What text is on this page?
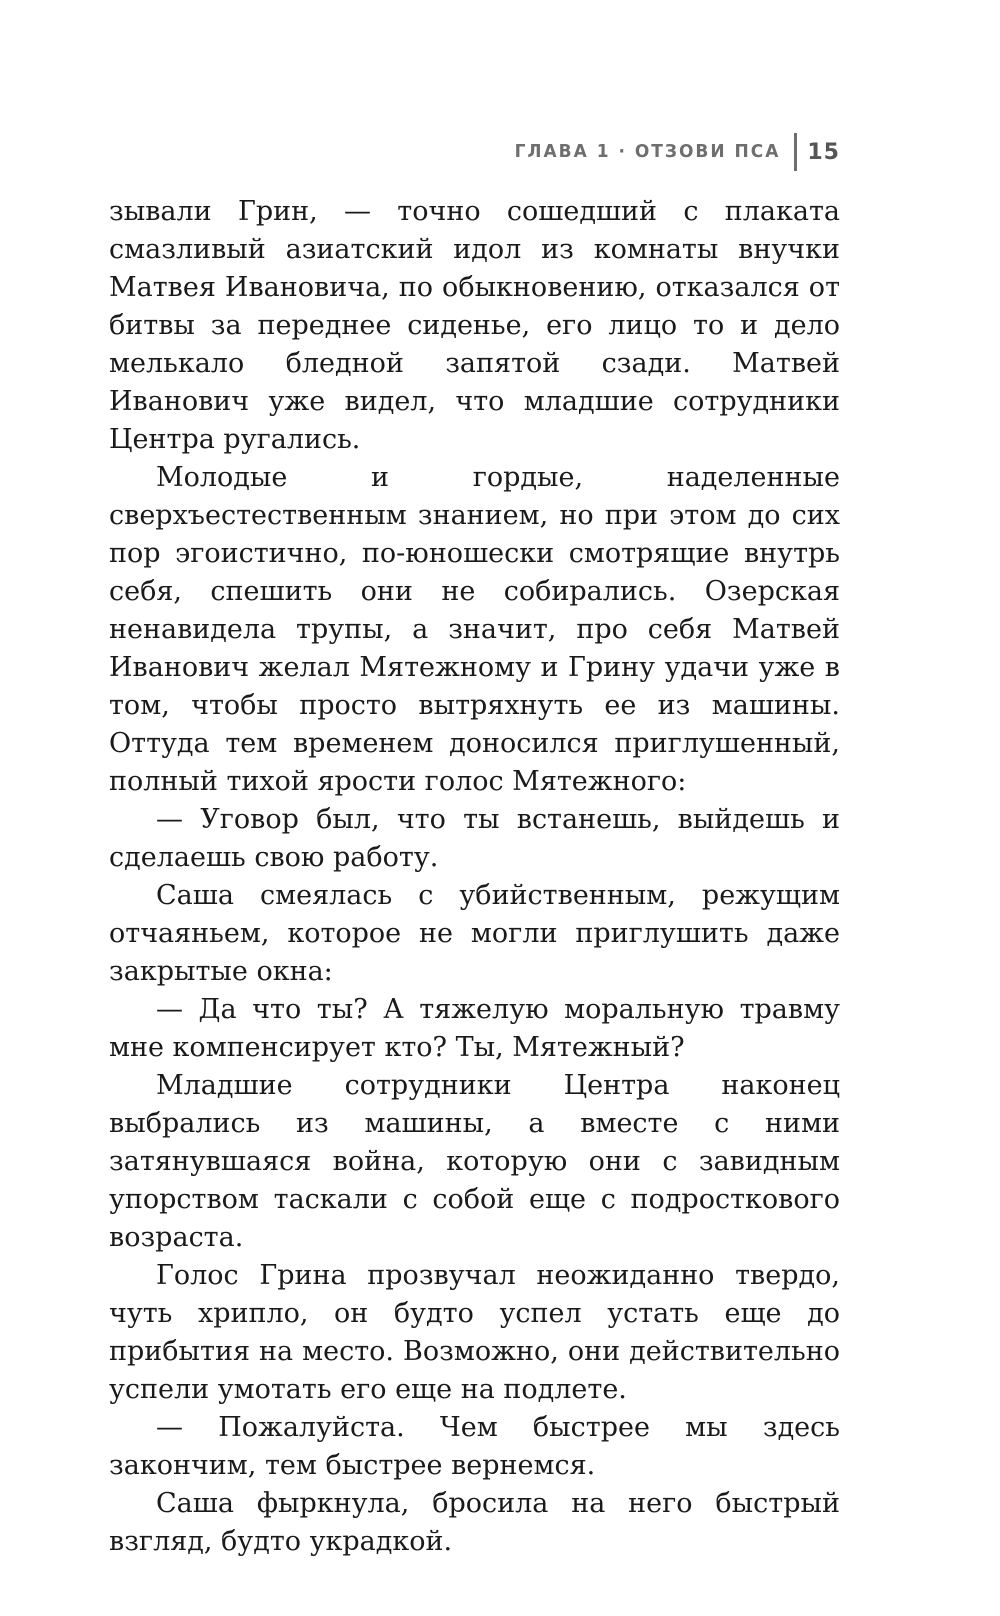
ГЛАВА 1 · ОТЗОВИ ПСА 15

зывали Грин, — точно сошедший с плаката смазливый азиатский идол из комнаты внучки Матвея Ивановича, по обыкновению, отказался от битвы за переднее сиденье, его лицо то и дело мелькало бледной запятой сзади. Матвей Иванович уже видел, что младшие сотрудники Центра ругались.

Молодые и гордые, наделенные сверхъестественным знанием, но при этом до сих пор эгоистично, по-юношески смотрящие внутрь себя, спешить они не собирались. Озерская ненавидела трупы, а значит, про себя Матвей Иванович желал Мятежному и Грину удачи уже в том, чтобы просто вытряхнуть ее из машины. Оттуда тем временем доносился приглушенный, полный тихой ярости голос Мятежного:

— Уговор был, что ты встанешь, выйдешь и сделаешь свою работу.

Саша смеялась с убийственным, режущим отчаяньем, которое не могли приглушить даже закрытые окна:

— Да что ты? А тяжелую моральную травму мне компенсирует кто? Ты, Мятежный?

Младшие сотрудники Центра наконец выбрались из машины, а вместе с ними затянувшаяся война, которую они с завидным упорством таскали с собой еще с подросткового возраста.

Голос Грина прозвучал неожиданно твердо, чуть хрипло, он будто успел устать еще до прибытия на место. Возможно, они действительно успели умотать его еще на подлете.

— Пожалуйста. Чем быстрее мы здесь закончим, тем быстрее вернемся.

Саша фыркнула, бросила на него быстрый взгляд, будто украдкой.
